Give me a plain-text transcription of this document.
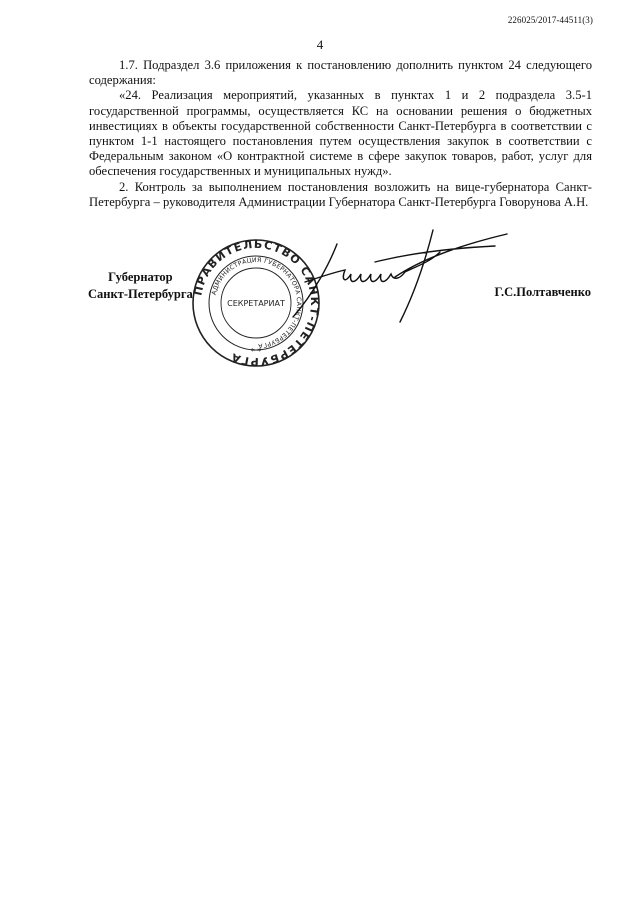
226025/2017-44511(3)
4

1.7. Подраздел 3.6 приложения к постановлению дополнить пунктом 24 следующего содержания:

«24. Реализация мероприятий, указанных в пунктах 1 и 2 подраздела 3.5-1 государственной программы, осуществляется КС на основании решения о бюджетных инвестициях в объекты государственной собственности Санкт-Петербурга в соответствии с пунктом 1-1 настоящего постановления путем осуществления закупок в соответствии с Федеральным законом «О контрактной системе в сфере закупок товаров, работ, услуг для обеспечения государственных и муниципальных нужд».

2. Контроль за выполнением постановления возложить на вице-губернатора Санкт-Петербурга – руководителя Администрации Губернатора Санкт-Петербурга Говорунова А.Н.

ПРАВИТЕЛЬСТВО САНКТ-ПЕТЕРБУРГА
АДМИНИСТРАЦИЯ ГУБЕРНАТОРА САНКТ-ПЕТЕРБУРГА
СЕКРЕТАРИАТ
* *
Губернатор
Санкт-Петербурга	Г.С.Полтавченко
